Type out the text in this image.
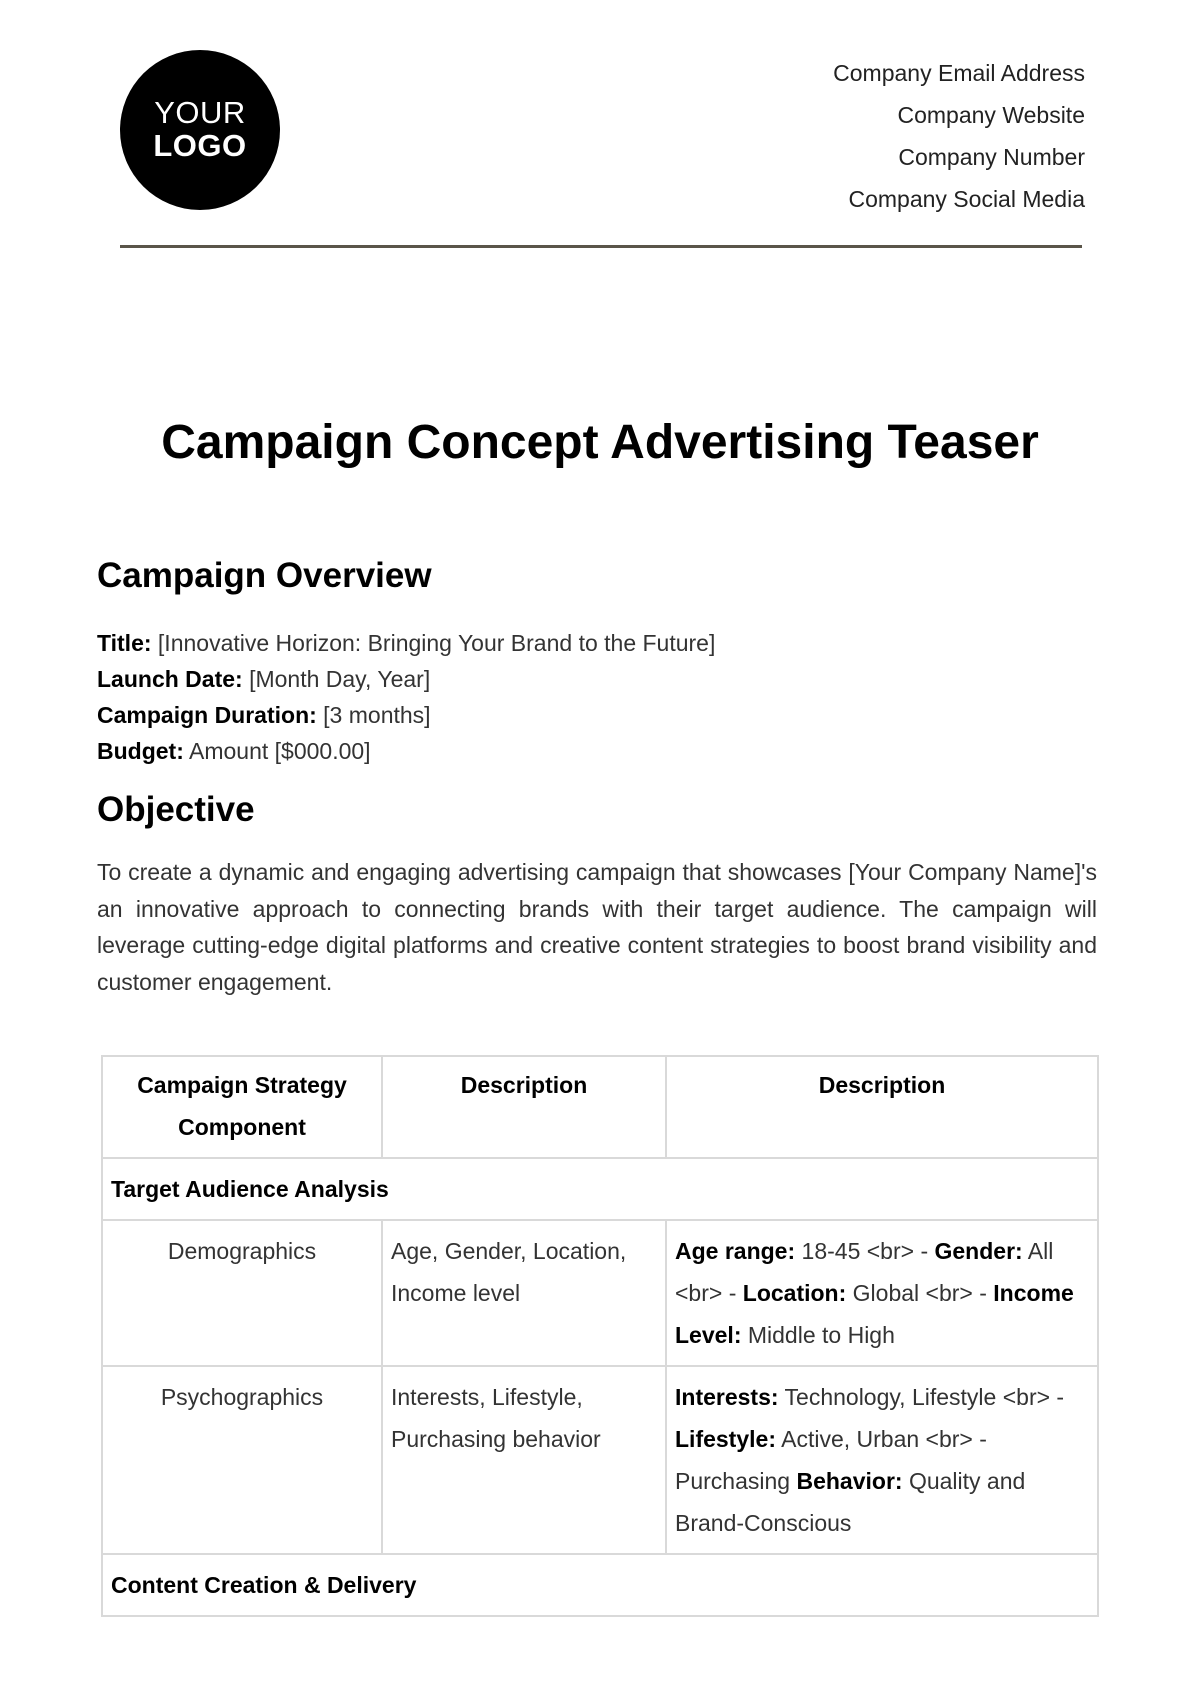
YOUR
LOGO
Company Email Address
Company Website
Company Number
Company Social Media
Campaign Concept Advertising Teaser
Campaign Overview
Title: [Innovative Horizon: Bringing Your Brand to the Future]
Launch Date: [Month Day, Year]
Campaign Duration: [3 months]
Budget: Amount [$000.00]
Objective

To create a dynamic and engaging advertising campaign that showcases [Your Company Name]'s an innovative approach to connecting brands with their target audience. The campaign will leverage cutting-edge digital platforms and creative content strategies to boost brand visibility and customer engagement.

Campaign Strategy Component	Description	Description
Target Audience Analysis		
Demographics	Age, Gender, Location, Income level	Age range: 18-45 <br> - Gender: All <br> - Location: Global <br> - Income Level: Middle to High
Psychographics	Interests, Lifestyle, Purchasing behavior	Interests: Technology, Lifestyle <br> - Lifestyle: Active, Urban <br> - Purchasing Behavior: Quality and Brand-Conscious
Content Creation & Delivery		
